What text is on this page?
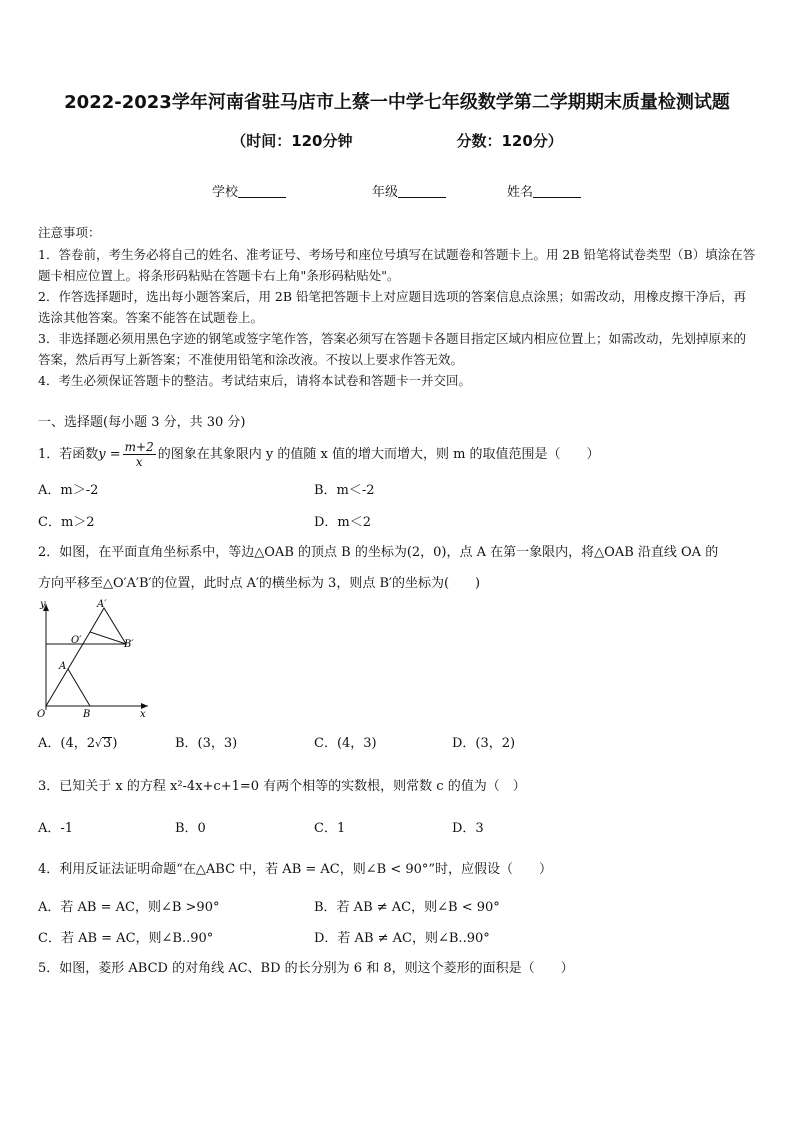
2022-2023学年河南省驻马店市上蔡一中学七年级数学第二学期期末质量检测试题
（时间：120分钟	分数：120分）
学校	年级	姓名
注意事项：
1．答卷前，考生务必将自己的姓名、准考证号、考场号和座位号填写在试题卷和答题卡上。用 2B 铅笔将试卷类型（B）填涂在答题卡相应位置上。将条形码粘贴在答题卡右上角"条形码粘贴处"。
2．作答选择题时，选出每小题答案后，用 2B 铅笔把答题卡上对应题目选项的答案信息点涂黑；如需改动，用橡皮擦干净后，再选涂其他答案。答案不能答在试题卷上。
3．非选择题必须用黑色字迹的钢笔或签字笔作答，答案必须写在答题卡各题目指定区域内相应位置上；如需改动，先划掉原来的答案，然后再写上新答案；不准使用铅笔和涂改液。不按以上要求作答无效。
4．考生必须保证答题卡的整洁。考试结束后，请将本试卷和答题卡一并交回。
一、选择题(每小题 3 分，共 30 分)
1．若函数$y = \frac{m+2}{x}$ 的图象在其象限内 y 的值随 x 值的增大而增大，则 m 的取值范围是（　　）
A．m＞-2	B．m＜-2
C．m＞2	D．m＜2
2．如图，在平面直角坐标系中，等边△OAB 的顶点 B 的坐标为(2，0)，点 A 在第一象限内，将△OAB 沿直线 OA 的
方向平移至△O′A′B′的位置，此时点 A′的横坐标为 3，则点 B′的坐标为(　　)
y
x
O
A
B
O′
A′
B′
A．(4，2√3)	B．(3，3)	C．(4，3)	D．(3，2)
3．已知关于 x 的方程 x²-4x+c+1=0 有两个相等的实数根，则常数 c 的值为（　）
A．-1	B．0	C．1	D．3
4．利用反证法证明命题“在△ABC 中，若 AB = AC，则∠B < 90°”时，应假设（　　）
A．若 AB = AC，则∠B >90°	B．若 AB ≠ AC，则∠B < 90°
C．若 AB = AC，则∠B..90°	D．若 AB ≠ AC，则∠B..90°
5．如图，菱形 ABCD 的对角线 AC、BD 的长分别为 6 和 8，则这个菱形的面积是（　　）
